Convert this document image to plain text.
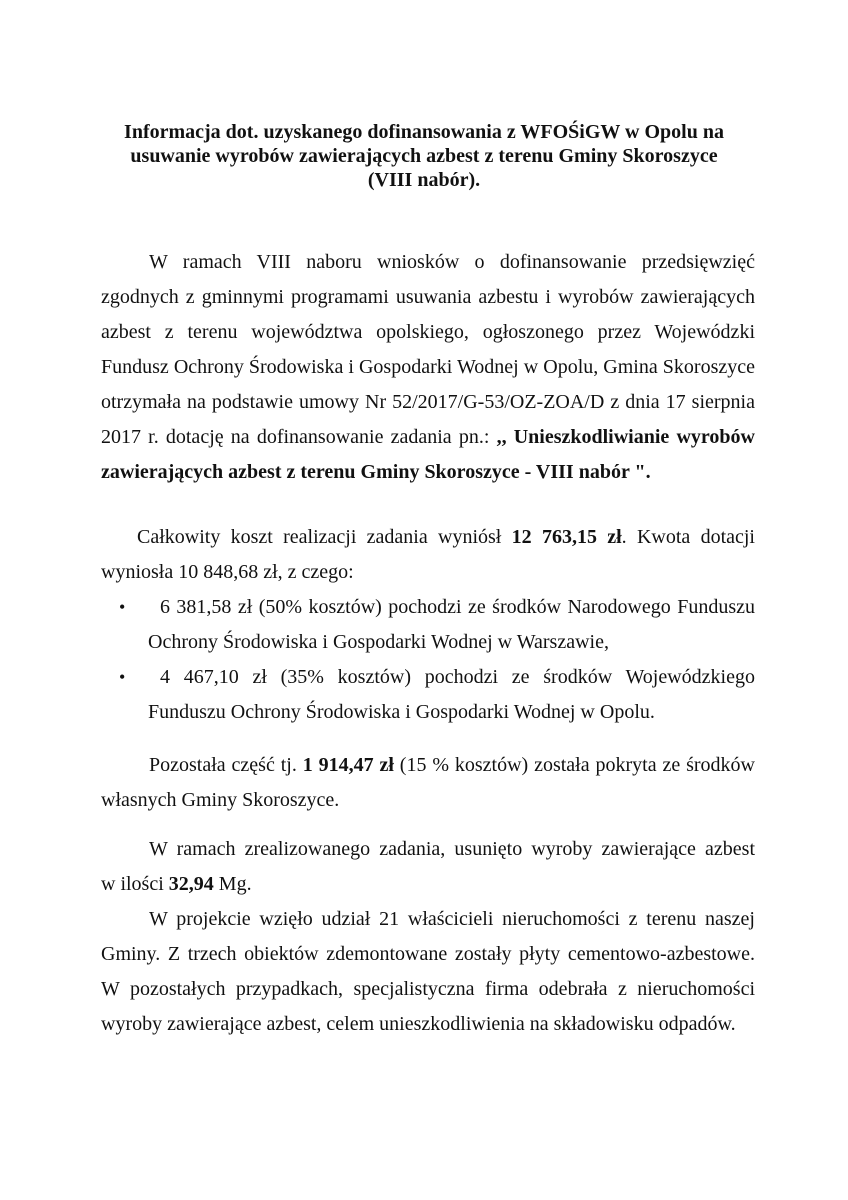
Informacja dot. uzyskanego dofinansowania z WFOŚiGW w Opolu na
usuwanie wyrobów zawierających azbest z terenu Gminy Skoroszyce
(VIII nabór).
W ramach VIII naboru wniosków o dofinansowanie przedsięwzięć
zgodnych z gminnymi programami usuwania azbestu i wyrobów zawierających
azbest z terenu województwa opolskiego, ogłoszonego przez Wojewódzki
Fundusz Ochrony Środowiska i Gospodarki Wodnej w Opolu, Gmina Skoroszyce
otrzymała na podstawie umowy Nr 52/2017/G-53/OZ-ZOA/D z dnia 17 sierpnia
2017 r. dotację na dofinansowanie zadania pn.: ,, Unieszkodliwianie wyrobów
zawierających azbest z terenu Gminy Skoroszyce - VIII nabór ".
Całkowity koszt realizacji zadania wyniósł 12 763,15 zł. Kwota dotacji
wyniosła 10 848,68 zł, z czego:
•	6 381,58 zł (50% kosztów) pochodzi ze środków Narodowego Funduszu
Ochrony Środowiska i Gospodarki Wodnej w Warszawie,
•	4 467,10 zł (35% kosztów) pochodzi ze środków Wojewódzkiego
Funduszu Ochrony Środowiska i Gospodarki Wodnej w Opolu.
Pozostała część tj. 1 914,47 zł (15 % kosztów) została pokryta ze środków
własnych Gminy Skoroszyce.
W ramach zrealizowanego zadania, usunięto wyroby zawierające azbest
w ilości 32,94 Mg.
W projekcie wzięło udział 21 właścicieli nieruchomości z terenu naszej
Gminy. Z trzech obiektów zdemontowane zostały płyty cementowo-azbestowe.
W pozostałych przypadkach, specjalistyczna firma odebrała z nieruchomości
wyroby zawierające azbest, celem unieszkodliwienia na składowisku odpadów.
